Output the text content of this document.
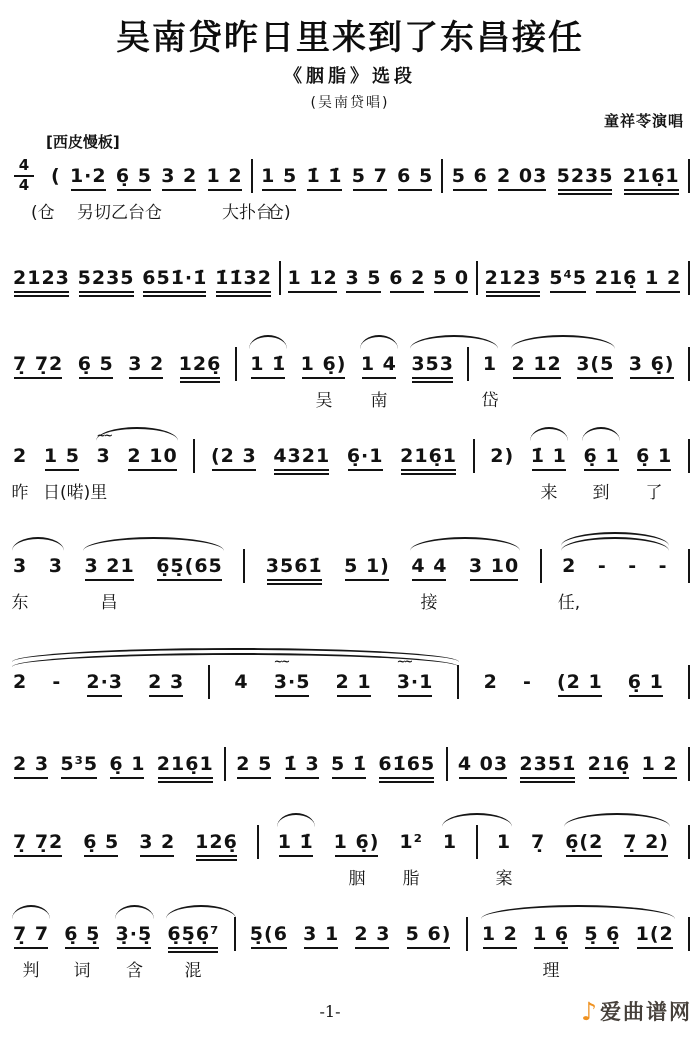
吴南贷昨日里来到了东昌接任
《胭脂》选段
(吴南贷唱)
童祥苓演唱
[西皮慢板]
4
4 ( 1·2 6̣ 5 3 2 1 2 1 5 1̇ 1̇ 5 7 6 5 5 6 2 03 5235 216̣1
(仓 另切乙台仓	大扑台
仓)
2123 5235 651̇·1̇ 1̇1̇32 1 12 3 5 6 2 5 0 2123 5⁴5 216̣ 1 2
7̣ 7̣2 6̣ 5 3 2 126̣ 1 1̇ 1 6̣) 1 4 353 1 2 12 3(5 3 6̣)
吴 南	岱
2 1 5
~~
3 2 10 (2 3 4321 6̣·1 216̣1 2) 1̇ 1 6̣ 1 6̣ 1
昨 日(喏)里	来 到 了
3 3 3 21 6̣5̣(65 3561̇ 5 1) 4 4 3 10 2 - - -
东	昌	接	任,
2 - 2·3 2 3	4
~~
3·5 2 1
~~
3·1	2 - (2 1 6̣ 1
2 3 5³5 6̣ 1 216̣1 2 5 1̇ 3 5 1̇ 61̇65 4 03 2351̇ 216̣ 1 2
7̣ 7̣2 6̣ 5 3 2 126̣ 1 1̇ 1 6̣) 1² 1 1 7̣ 6̣(2 7̣ 2)
胭 脂	案
7̣ 7 6̣ 5̣ 3̣·5̣ 6̣5̣6̣⁷ 5̣(6 3 1 2 3 5 6) 1 2 1 6̣ 5̣ 6̣ 1(2
判 词 含 混	理
-1-	♪ 爱曲谱网
